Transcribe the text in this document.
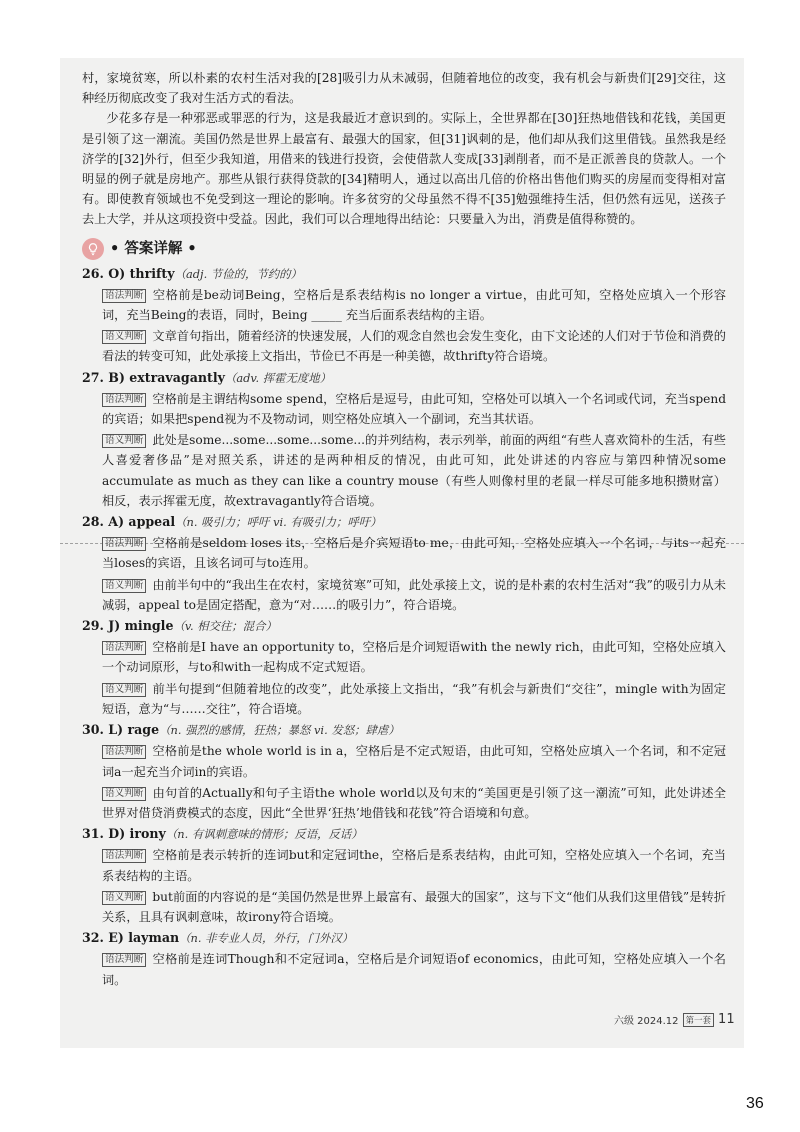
村，家境贫寒，所以朴素的农村生活对我的[28]吸引力从未减弱，但随着地位的改变，我有机会与新贵们[29]交往，这种经历彻底改变了我对生活方式的看法。

少花多存是一种邪恶或罪恶的行为，这是我最近才意识到的。实际上，全世界都在[30]狂热地借钱和花钱，美国更是引领了这一潮流。美国仍然是世界上最富有、最强大的国家，但[31]讽刺的是，他们却从我们这里借钱。虽然我是经济学的[32]外行，但至少我知道，用借来的钱进行投资，会使借款人变成[33]剥削者，而不是正派善良的贷款人。一个明显的例子就是房地产。那些从银行获得贷款的[34]精明人，通过以高出几倍的价格出售他们购买的房屋而变得相对富有。即使教育领域也不免受到这一理论的影响。许多贫穷的父母虽然不得不[35]勉强维持生活，但仍然有远见，送孩子去上大学，并从这项投资中受益。因此，我们可以合理地得出结论：只要量入为出，消费是值得称赞的。

• 答案详解 •
26. O) thrifty（adj. 节俭的，节约的）
语法判断 空格前是be动词Being，空格后是系表结构is no longer a virtue，由此可知，空格处应填入一个形容词，充当Being的表语，同时，Being _____ 充当后面系表结构的主语。
语义判断 文章首句指出，随着经济的快速发展，人们的观念自然也会发生变化，由下文论述的人们对于节俭和消费的看法的转变可知，此处承接上文指出，节俭已不再是一种美德，故thrifty符合语境。
27. B) extravagantly（adv. 挥霍无度地）
语法判断 空格前是主谓结构some spend，空格后是逗号，由此可知，空格处可以填入一个名词或代词，充当spend的宾语；如果把spend视为不及物动词，则空格处应填入一个副词，充当其状语。
语义判断 此处是some...some...some...some...的并列结构，表示列举，前面的两组“有些人喜欢简朴的生活，有些人喜爱奢侈品”是对照关系，讲述的是两种相反的情况，由此可知，此处讲述的内容应与第四种情况some accumulate as much as they can like a country mouse（有些人则像村里的老鼠一样尽可能多地积攒财富）相反，表示挥霍无度，故extravagantly符合语境。
28. A) appeal（n. 吸引力；呼吁 vi. 有吸引力；呼吁）
语法判断 空格前是seldom loses its，空格后是介宾短语to me，由此可知，空格处应填入一个名词，与its一起充当loses的宾语，且该名词可与to连用。
语义判断 由前半句中的“我出生在农村，家境贫寒”可知，此处承接上文，说的是朴素的农村生活对“我”的吸引力从未减弱，appeal to是固定搭配，意为“对……的吸引力”，符合语境。
29. J) mingle（v. 相交往；混合）
语法判断 空格前是I have an opportunity to，空格后是介词短语with the newly rich，由此可知，空格处应填入一个动词原形，与to和with一起构成不定式短语。
语义判断 前半句提到“但随着地位的改变”，此处承接上文指出，“我”有机会与新贵们“交往”，mingle with为固定短语，意为“与……交往”，符合语境。
30. L) rage（n. 强烈的感情，狂热；暴怒 vi. 发怒；肆虐）
语法判断 空格前是the whole world is in a，空格后是不定式短语，由此可知，空格处应填入一个名词，和不定冠词a一起充当介词in的宾语。
语义判断 由句首的Actually和句子主语the whole world以及句末的“美国更是引领了这一潮流”可知，此处讲述全世界对借贷消费模式的态度，因此“全世界‘狂热’地借钱和花钱”符合语境和句意。
31. D) irony（n. 有讽刺意味的情形；反语，反话）
语法判断 空格前是表示转折的连词but和定冠词the，空格后是系表结构，由此可知，空格处应填入一个名词，充当系表结构的主语。
语义判断 but前面的内容说的是“美国仍然是世界上最富有、最强大的国家”，这与下文“他们从我们这里借钱”是转折关系，且具有讽刺意味，故irony符合语境。
32. E) layman（n. 非专业人员，外行，门外汉）
语法判断 空格前是连词Though和不定冠词a，空格后是介词短语of economics，由此可知，空格处应填入一个名词。
六级 2024.12 第一套 11
36
